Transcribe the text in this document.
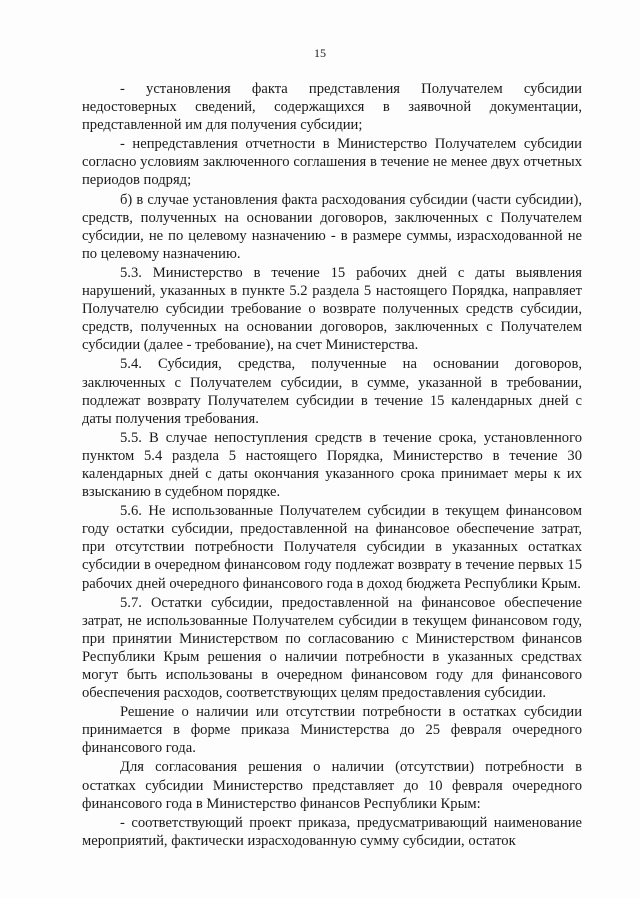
15

- установления факта представления Получателем субсидии недостоверных сведений, содержащихся в заявочной документации, представленной им для получения субсидии;

- непредставления отчетности в Министерство Получателем субсидии согласно условиям заключенного соглашения в течение не менее двух отчетных периодов подряд;

б) в случае установления факта расходования субсидии (части субсидии), средств, полученных на основании договоров, заключенных с Получателем субсидии, не по целевому назначению - в размере суммы, израсходованной не по целевому назначению.

5.3. Министерство в течение 15 рабочих дней с даты выявления нарушений, указанных в пункте 5.2 раздела 5 настоящего Порядка, направляет Получателю субсидии требование о возврате полученных средств субсидии, средств, полученных на основании договоров, заключенных с Получателем субсидии (далее - требование), на счет Министерства.

5.4. Субсидия, средства, полученные на основании договоров, заключенных с Получателем субсидии, в сумме, указанной в требовании, подлежат возврату Получателем субсидии в течение 15 календарных дней с даты получения требования.

5.5. В случае непоступления средств в течение срока, установленного пунктом 5.4 раздела 5 настоящего Порядка, Министерство в течение 30 календарных дней с даты окончания указанного срока принимает меры к их взысканию в судебном порядке.

5.6. Не использованные Получателем субсидии в текущем финансовом году остатки субсидии, предоставленной на финансовое обеспечение затрат, при отсутствии потребности Получателя субсидии в указанных остатках субсидии в очередном финансовом году подлежат возврату в течение первых 15 рабочих дней очередного финансового года в доход бюджета Республики Крым.

5.7. Остатки субсидии, предоставленной на финансовое обеспечение затрат, не использованные Получателем субсидии в текущем финансовом году, при принятии Министерством по согласованию с Министерством финансов Республики Крым решения о наличии потребности в указанных средствах могут быть использованы в очередном финансовом году для финансового обеспечения расходов, соответствующих целям предоставления субсидии.

Решение о наличии или отсутствии потребности в остатках субсидии принимается в форме приказа Министерства до 25 февраля очередного финансового года.

Для согласования решения о наличии (отсутствии) потребности в остатках субсидии Министерство представляет до 10 февраля очередного финансового года в Министерство финансов Республики Крым:

- соответствующий проект приказа, предусматривающий наименование мероприятий, фактически израсходованную сумму субсидии, остаток
